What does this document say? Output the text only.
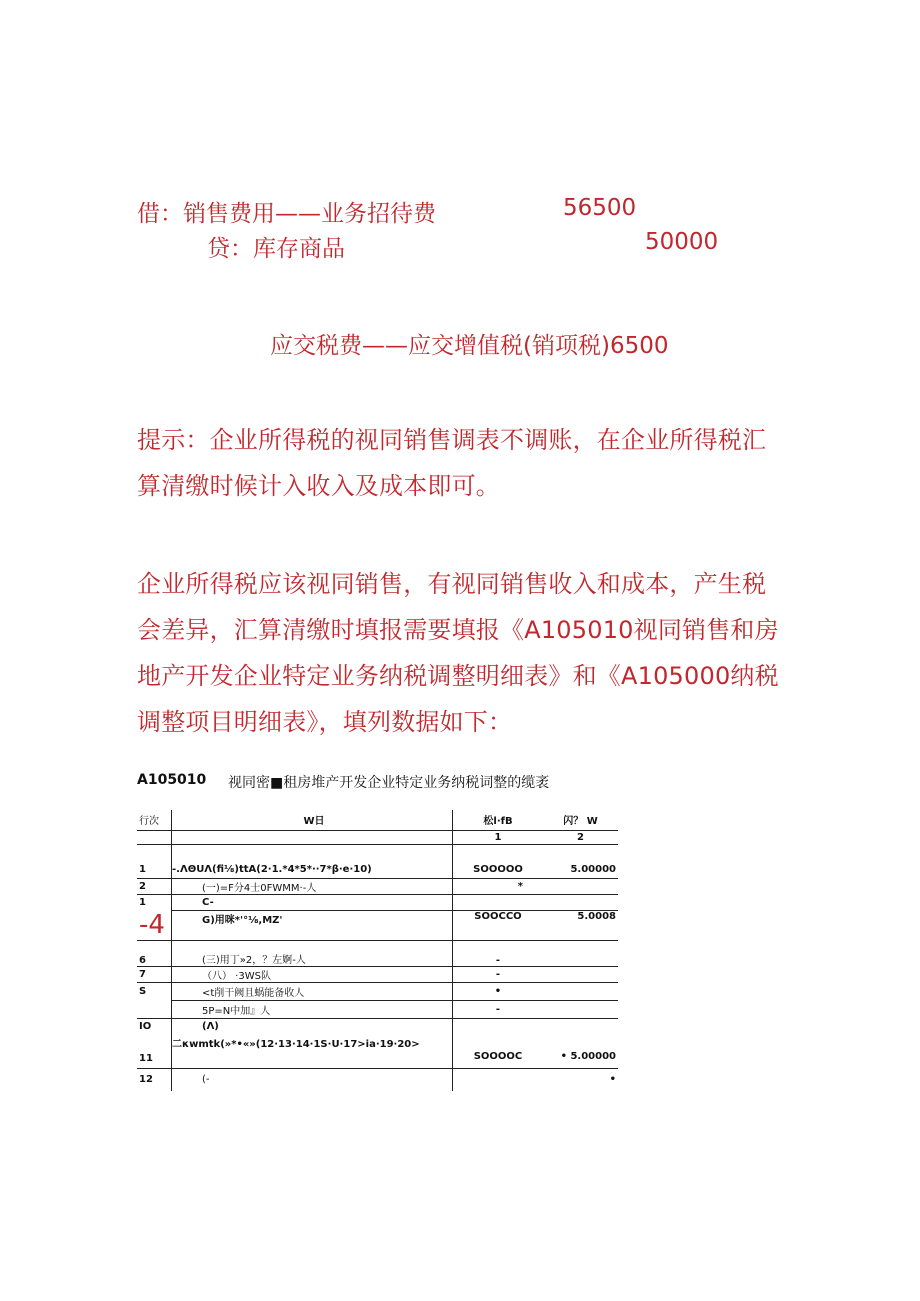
借：销售费用——业务招待费	56500
贷：库存商品	50000
应交税费——应交增值税(销项税)6500
提示：企业所得税的视同销售调表不调账，在企业所得税汇算清缴时候计入收入及成本即可。
企业所得税应该视同销售，有视同销售收入和成本，产生税会差异，汇算清缴时填报需要填报《A105010视同销售和房地产开发企业特定业务纳税调整明细表》和《A105000纳税调整项目明细表》，填列数据如下：
A105010 视同密■租房堆产开发企业特定业务纳税词整的缆袤
行次	W日	松l·fB	闪？ W
		1	2

1	-.ΛΘUΛ(fi⅛)ttA(2·1.*4*5*··7*β·e·10)	SOOOOO	5.00000
2	(一)=F分4士0FWMM·-人	*	
1	C-		
-4	G)用咪*'°⅛,MZ'	SOOCCO	5.0008
6	(三)用丁»2，？左婀-人	-	
7	（八） ·3WS队	-	
S	<t削干阙且蜗能备收人	•	
	5P=N中加』人	-	
IO	(Λ)		
11	二κwmtk(»*•«»(12·13·14·1S·U·17>ia·19·20>	SOOOOC	• 5.00000
12	(-		•
